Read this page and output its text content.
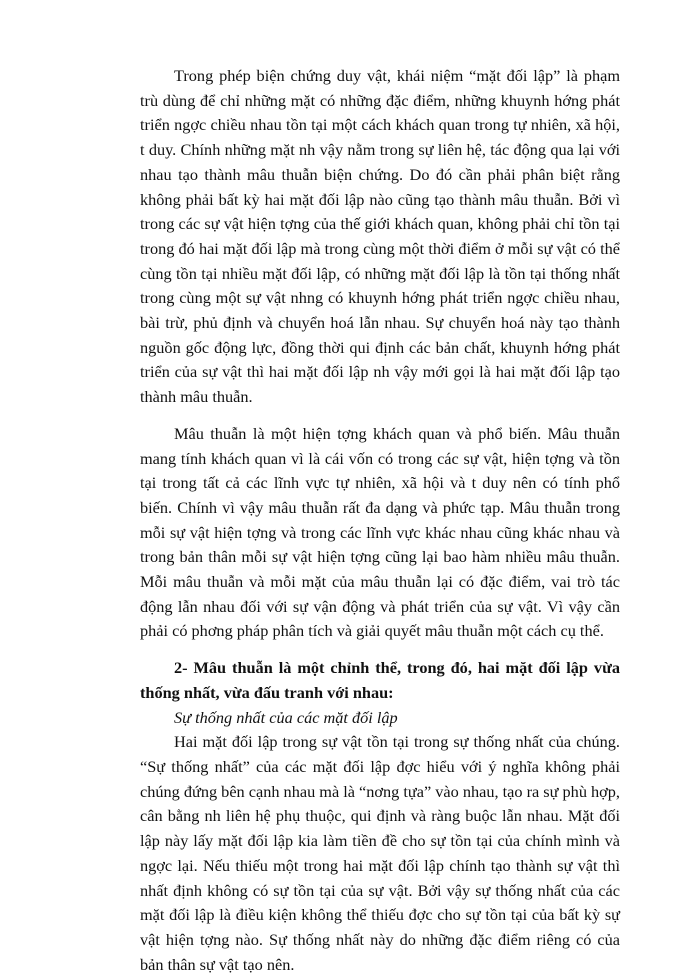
Trong phép biện chứng duy vật, khái niệm “mặt đối lập” là phạm trù dùng để chỉ những mặt có những đặc điểm, những khuynh hớng phát triển ngợc chiều nhau tồn tại một cách khách quan trong tự nhiên, xã hội, t duy. Chính những mặt nh vậy nằm trong sự liên hệ, tác động qua lại với nhau tạo thành mâu thuẫn biện chứng. Do đó cần phải phân biệt rằng không phải bất kỳ hai mặt đối lập nào cũng tạo thành mâu thuẫn. Bởi vì trong các sự vật hiện tợng của thế giới khách quan, không phải chỉ tồn tại trong đó hai mặt đối lập mà trong cùng một thời điểm ở mỗi sự vật có thể cùng tồn tại nhiều mặt đối lập, có những mặt đối lập là tồn tại thống nhất trong cùng một sự vật nhng có khuynh hớng phát triển ngợc chiều nhau, bài trừ, phủ định và chuyển hoá lẫn nhau. Sự chuyển hoá này tạo thành nguồn gốc động lực, đồng thời qui định các bản chất, khuynh hớng phát triển của sự vật thì hai mặt đối lập nh vậy mới gọi là hai mặt đối lập tạo thành mâu thuẫn.

Mâu thuẫn là một hiện tợng khách quan và phổ biến. Mâu thuẫn mang tính khách quan vì là cái vốn có trong các sự vật, hiện tợng và tồn tại trong tất cả các lĩnh vực tự nhiên, xã hội và t duy nên có tính phổ biến. Chính vì vậy mâu thuẫn rất đa dạng và phức tạp. Mâu thuẫn trong mỗi sự vật hiện tợng và trong các lĩnh vực khác nhau cũng khác nhau và trong bản thân mỗi sự vật hiện tợng cũng lại bao hàm nhiều mâu thuẫn. Mỗi mâu thuẫn và mỗi mặt của mâu thuẫn lại có đặc điểm, vai trò tác động lẫn nhau đối với sự vận động và phát triển của sự vật. Vì vậy cần phải có phơng pháp phân tích và giải quyết mâu thuẫn một cách cụ thể.

2- Mâu thuẫn là một chỉnh thể, trong đó, hai mặt đối lập vừa thống nhất, vừa đấu tranh với nhau:

Sự thống nhất của các mặt đối lập

Hai mặt đối lập trong sự vật tồn tại trong sự thống nhất của chúng. “Sự thống nhất” của các mặt đối lập đợc hiểu với ý nghĩa không phải chúng đứng bên cạnh nhau mà là “nơng tựa” vào nhau, tạo ra sự phù hợp, cân bằng nh liên hệ phụ thuộc, qui định và ràng buộc lẫn nhau. Mặt đối lập này lấy mặt đối lập kia làm tiền đề cho sự tồn tại của chính mình và ngợc lại. Nếu thiếu một trong hai mặt đối lập chính tạo thành sự vật thì nhất định không có sự tồn tại của sự vật. Bởi vậy sự thống nhất của các mặt đối lập là điều kiện không thể thiếu đợc cho sự tồn tại của bất kỳ sự vật hiện tợng nào. Sự thống nhất này do những đặc điểm riêng có của bản thân sự vật tạo nên.
